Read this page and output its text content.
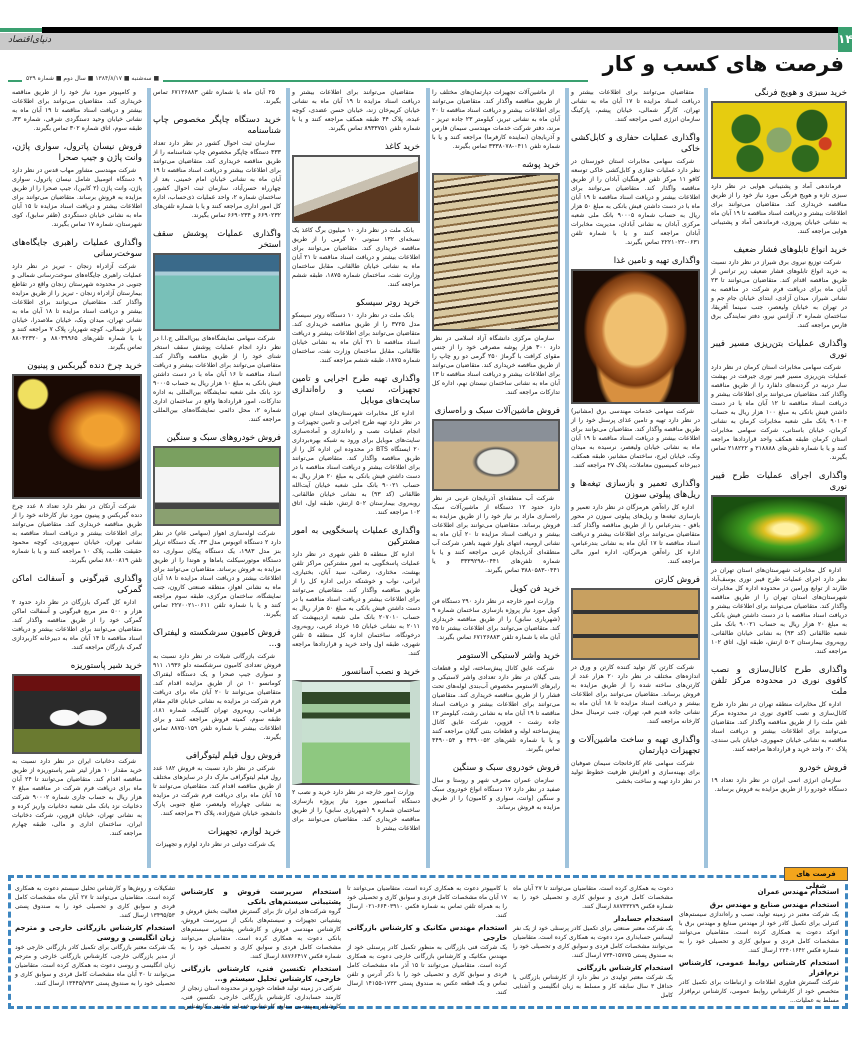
دنیای‌اقتصاد	۱۴
فرصت های کسب و کار
■ سه‌شنبه ■ ۱۳۸۴/۸/۱۷ ■ سال دوم ■ شماره ۵۳۹
خرید سبزی و هویج فرنگی

فرماندهی آماد و پشتیبانی هوایی در نظر دارد سبزی تازه و هویج فرنگی مورد نیاز خود را از طریق مناقصه خریداری کند. متقاضیان می‌توانند برای اطلاعات بیشتر و دریافت اسناد مناقصه تا ۱۹ آبان ماه به نشانی خیابان پیروزی، فرماندهی آماد و پشتیبانی هوایی مراجعه کنند.

خرید انواع تابلوهای فشار ضعیف

شرکت توزیع نیروی برق شیراز در نظر دارد نسبت به خرید انواع تابلوهای فشار ضعیف زیر ترانس از طریق مناقصه اقدام کند. متقاضیان می‌توانند تا ۲۳ آبان ماه برای دریافت فرم شرکت در مناقصه به نشانی شیراز، میدان آزادی، ابتدای خیابان جام جم و در تهران به خیابان ولیعصر، جنب سینما آفریقا، ساختمان شماره ۲، آژانس نیرو، دفتر نمایندگی برق فارس مراجعه کنند.

واگذاری عملیات بتن‌ریزی مسیر فیبر نوری

شرکت سهامی مخابرات استان کرمان در نظر دارد عملیات بتن‌ریزی مسیر فیبر نوری جیرفت در بهشت سار درنیه در گردنه‌های دلفارد را از طریق مناقصه واگذار کند. متقاضیان می‌توانند برای اطلاعات بیشتر و دریافت اسناد مناقصه تا ۱۲ آبان ماه با در دست داشتن فیش بانکی به مبلغ ۱۰۰ هزار ریال به حساب ۹۰۱۰۴ بانک ملی شعبه مخابرات کرمان به نشانی کرمان، خیابان باستانی، شرکت سهامی مخابرات استان کرمان طبقه همکف واحد قراردادها مراجعه کنند و یا با شماره تلفن‌های ۲۱۸۸۸۸ و ۲۱۸۲۲۲ تماس بگیرند.

واگذاری اجرای عملیات طرح فیبر نوری

اداره کل مخابرات شهرستان‌های استان تهران در نظر دارد اجرای عملیات طرح فیبر نوری یوسف‌آباد طارند از توابع ورامین در محدوده اداره کل مخابرات شهرستان‌های استان تهران را از طریق مناقصه واگذار کند. متقاضیان می‌توانند برای اطلاعات بیشتر و دریافت اسناد مناقصه با در دست داشتن فیش بانکی به مبلغ ۲۰ هزار ریال به حساب ۹۰۰۲۱ بانک ملی شعبه طالقانی (کد ۹۳) به نشانی خیابان طالقانی، روبه‌روی بیمارستان ۵۰۲ ارتش، طبقه اول، اتاق ۱۰۲ مراجعه کنند.

واگذاری طرح کانال‌سازی و نصب کافوی نوری در محدوده مرکز تلفن ملت

اداره کل مخابرات منطقه تهران در نظر دارد طرح کانال‌سازی و نصب کافوی نوری در محدوده مرکز تلفن ملت را از طریق مناقصه واگذار کند. متقاضیان می‌توانند برای اطلاعات بیشتر و دریافت اسناد مناقصه به نشانی خیابان جمهوری، خیابان بابی سندی، پلاک ۲۰، واحد خرید و قراردادها مراجعه کنند.

فروش خودرو

سازمان انرژی اتمی ایران در نظر دارد تعداد ۱۹ دستگاه خودرو را از طریق مزایده به فروش برساند.

متقاضیان می‌توانند برای اطلاعات بیشتر و دریافت اسناد مزایده تا ۱۷ آبان ماه به نشانی تهران، کارگر شمالی، خیابان پیشم، پارکینگ سازمان انرژی اتمی مراجعه کنند.

واگذاری عملیات حفاری و کابل‌کشی خاکی

شرکت سهامی مخابرات استان خوزستان در نظر دارد عملیات حفاری و کابل‌کشی خاکی توسعه کافو ۱۱ مرکز تلفن فرهنگیان آبادان را از طریق مناقصه واگذار کند. متقاضیان می‌توانند برای اطلاعات بیشتر و دریافت اسناد مناقصه تا ۱۹ آبان ماه با در دست داشتن فیش بانکی به مبلغ ۵۰ هزار ریال به حساب شماره ۹۰۰۰۵ بانک ملی شعبه مرکزی آبادان به نشانی آبادان، مدیریت مخابرات آبادان مراجعه کنند و یا با شماره تلفن ۰۶۳۱-۲۲۲۱۰۲۲ تماس بگیرند.

واگذاری تهیه و تامین غذا

شرکت سهامی خدمات مهندسی برق (مشانیر) در نظر دارد تهیه و تامین غذای پرسنل خود را از طریق مناقصه واگذار کند. متقاضیان می‌توانند برای اطلاعات بیشتر و دریافت اسناد مناقصه تا ۱۹ آبان ماه به نشانی خیابان ولیعصر، نرسیده به میدان ونک، خیابان ایرج، ساختمان مشانیر، طبقه همکف، دبیرخانه کمیسیون معاملات، پلاک ۲۷ مراجعه کنند.

واگذاری تعمیر و بازسازی تیغه‌ها و ریل‌های پیلوتی سوزن

اداره کل راه‌آهن هرمزگان در نظر دارد تعمیر و بازسازی تیغه‌ها و ریل‌های پیلوتی سوزن در محور بافق - بندرعباس را از طریق مناقصه واگذار کند. متقاضیان می‌توانند برای اطلاعات بیشتر و دریافت اسناد مناقصه تا ۱۷ آبان ماه به نشانی بندرعباس، اداره کل راه‌آهن هرمزگان، اداره امور مالی مراجعه کنند.

فروش کارتن

شرکت کارتن کار تولید کننده کارتن و ورق در اندازه‌های مختلف در نظر دارد ۲۰ هزار عدد از کارتن‌های ساخته شده را از طریق مزایده به فروش برساند. متقاضیان می‌توانند برای اطلاعات بیشتر و دریافت اسناد مزایده تا ۱۸ آبان ماه به نشانی جاده قدیم قم، تهران، جنب ترمینال محل کارخانه مراجعه کنند.

واگذاری تهیه و ساخت ماشین‌آلات و تجهیزات دپارتمان

شرکت سهامی عام کارخانجات سیمان صوفیان برای بهینه‌سازی و افزایش ظرفیت خطوط تولید در نظر دارد تهیه و ساخت بخشی

از ماشین‌آلات تجهیزات دپارتمان‌های مختلف را از طریق مناقصه واگذار کند. متقاضیان می‌توانند برای اطلاعات بیشتر و دریافت اسناد مناقصه تا ۲۰ آبان ماه به نشانی تبریز، کیلومتر ۲۳ جاده تبریز - مرند، دفتر شرکت خدمات مهندسی سیمان فارس و آذربایجان (نماینده کارفرما) مراجعه کنند و یا با شماره تلفن ۰۴۱۱-۳۳۳۸۰۷۸ تماس بگیرند.

خرید پوشه

سازمان مرکزی دانشگاه آزاد اسلامی در نظر دارد ۳۰۰ هزار پوشه مصرفی خود را از جنس مقوای کرافت با گرماژ ۲۵۰ گرمی دو رو چاپ را از طریق مناقصه خریداری کند. متقاضیان می‌توانند برای اطلاعات بیشتر و دریافت اسناد مناقصه تا ۱۳ آبان ماه به نشانی ساختمان نیستان نهم، اداره کل تدارکات مراجعه کنند.

فروش ماشین‌آلات سبک و راه‌سازی

شرکت آب منطقه‌ای آذربایجان غربی در نظر دارد حدود ۱۲ دستگاه از ماشین‌آلات سبک راه‌سازی مازاد بر نیاز خود را از طریق مزایده به فروش برساند. متقاضیان می‌توانند برای اطلاعات بیشتر و دریافت اسناد مزایده تا ۲۰ آبان ماه به نشانی ارومیه، انتهای بلوار شهید باهنر، شرکت آب منطقه‌ای آذربایجان غربی مراجعه کنند و یا با شماره تلفن‌های ۰۴۴۱-۳۳۳۹۲۹۸ و یا ۰۴۴۱-۳۸۸۰۵۸۳ تماس بگیرند.

خرید فن کویل

وزارت امور خارجه در نظر دارد ۲۹۰ دستگاه فن کویل مورد نیاز پروژه بازسازی ساختمان شماره ۹ (شهریاری سابق) را از طریق مناقصه خریداری کند. متقاضیان می‌توانند برای اطلاعات بیشتر تا ۲۵ آبان ماه با شماره تلفن ۶۷۱۲۶۸۸۳ تماس بگیرند.

خرید واشر لاستیکی الاستومر

شرکت عایق کانال پیش‌ساخته، لوله و قطعات بتنی گیلان در نظر دارد تعدادی واشر لاستیکی و رابرهای الاستومر مخصوص آب‌بندی لوله‌های تحت فشار را از طریق مناقصه خریداری کند. متقاضیان می‌توانند برای اطلاعات بیشتر و دریافت اسناد مناقصه تا ۱۹ آبان ماه به نشانی رشت، کیلومتر ۱۲ جاده رشت - قزوین، شرکت عایق کانال پیش‌ساخته لوله و قطعات بتنی گیلان مراجعه کنند و یا با شماره تلفن‌های ۴۴۹۰۰۵۲ و ۴۴۹۰۰۵۴ تماس بگیرند.

فروش خودروی سبک و سنگین

سازمان عمران مصرف شهر و روستا و سال صفید در نظر دارد ۱۷ دستگاه انواع خودروی سبک و سنگین (وانت، سواری و کامیون) را از طریق مزایده به فروش برساند.

متقاضیان می‌توانند برای اطلاعات بیشتر و دریافت اسناد مزایده تا ۱۹ آبان ماه به نشانی خیابان کریم‌خان زند، خیابان حسن عضدی، کوچه عبده، پلاک ۴۴ طبقه همکف مراجعه کنند و یا با شماره تلفن ۸۹۳۳۷۵۱ تماس بگیرند.

خرید کاغذ

بانک ملت در نظر دارد ۱۰ میلیون برگ کاغذ یک نسخه‌ای ۱۳۲ ستونی ۷۰ گرمی را از طریق مناقصه خریداری کند. متقاضیان می‌توانند برای اطلاعات بیشتر و دریافت اسناد مناقصه تا ۲۱ آبان ماه به نشانی خیابان طالقانی، مقابل ساختمان وزارت نفت، ساختمان شماره ۱۸۷۵، طبقه ششم مراجعه کنند.

خرید روتر سیسکو

بانک ملت در نظر دارد ۱۰ دستگاه روتر سیسکو مدل ۳۷۲۵ را از طریق مناقصه خریداری کند. متقاضیان می‌توانند برای اطلاعات بیشتر و دریافت اسناد مناقصه تا ۲۱ آبان ماه به نشانی خیابان طالقانی، مقابل ساختمان وزارت نفت، ساختمان شماره ۱۸۷۵، طبقه ششم مراجعه کنند.

واگذاری تهیه طرح اجرایی و تامین تجهیزات، نصب و راه‌اندازی سایت‌های موبایل

اداره کل مخابرات شهرستان‌های استان تهران در نظر دارد تهیه طرح اجرایی و تامین تجهیزات و انجام عملیات نصب و راه‌اندازی و آماده‌سازی سایت‌های موبایل برای ورود به شبکه بهره‌برداری ۲۰ ایستگاه BTS در محدوده این اداره کل را از طریق مناقصه واگذار کند. متقاضیان می‌توانند برای اطلاعات بیشتر و دریافت اسناد مناقصه با در دست داشتن فیش بانکی به مبلغ ۲۰ هزار ریال به حساب ۹۰۰۲۱ بانک ملی شعبه خیابان آیت‌الله طالقانی (کد ۹۳) به نشانی خیابان طالقانی، روبه‌روی بیمارستان ۵۰۲ ارتش، طبقه اول، اتاق ۱۰۲ مراجعه کنند.

واگذاری عملیات پاسخگویی به امور مشترکین

اداره کل منطقه ۵ تلفن شهری در نظر دارد عملیات پاسخگویی به امور مشترکین مراکز تلفن بهشت، مختاری، رضائی، سید آبان، بختیاری، ایرانی، نواب و خوشتکه درایی اداره کل را از طریق مناقصه واگذار کند. متقاضیان می‌توانند برای اطلاعات بیشتر و دریافت اسناد مناقصه با در دست داشتن فیش بانکی به مبلغ ۵۰ هزار ریال به حساب ۲۰۷۰۱۰ بانک ملی شعبه اردیبهشت کد ۲۰۱۱ به نشانی خیابان ۱۵ خرداد غربی، روبه‌روی درخونگاه، ساختمان اداره کل منطقه ۵ تلفن شهری، طبقه اول واحد خرید و قراردادها مراجعه کنند.

خرید و نصب آسانسور

وزارت امور خارجه در نظر دارد خرید و نصب ۲ دستگاه آسانسور مورد نیاز پروژه بازسازی ساختمان شماره ۹ (شهریاری سابق) را از طریق مناقصه خریداری کند. متقاضیان می‌توانند برای اطلاعات بیشتر تا

۲۵ آبان ماه با شماره تلفن ۶۷۱۲۶۸۸۳ تماس بگیرند.

خرید دستگاه چاپگر مخصوص چاپ شناسنامه

سازمان ثبت احوال کشور در نظر دارد تعداد ۳۳۳ دستگاه چاپگر مخصوص چاپ شناسنامه را از طریق مناقصه خریداری کند. متقاضیان می‌توانند برای اطلاعات بیشتر و دریافت اسناد مناقصه تا ۱۹ آبان ماه به نشانی خیابان امام خمینی، بعد از چهارراه حسن‌آباد، سازمان ثبت احوال کشور، ساختمان شماره ۲، واحد عملیات ذی‌حساب، اداره کل امور اداری مراجعه کنند و یا با شماره تلفن‌های ۶۶۹۰۲۳۲ و ۶۶۹۰۲۳۴ تماس بگیرند.

واگذاری عملیات پوشش سقف استخر

شرکت سهامی نمایشگاه‌های بین‌المللی ج.ا.ا در نظر دارد انجام عملیات پوشش سقف استخر شنای خود را از طریق مناقصه واگذار کند. متقاضیان می‌توانند برای اطلاعات بیشتر و دریافت اسناد مناقصه تا ۱۶ آبان ماه با در دست داشتن فیش بانکی به مبلغ ۱۰ هزار ریال به حساب ۹۰۰۰۵ نزد بانک ملی شعبه نمایشگاه بین‌المللی به اداره تدارکات، امور قراردادها واقع در ساختمان اداری شماره ۲، محل دائمی نمایشگاه‌های بین‌المللی مراجعه کنند.

فروش خودروهای سبک و سنگین

شرکت لوله‌سازی اهواز (سهامی عام) در نظر دارد ۲ دستگاه اتوبوس مدل ۴۳، یک دستگاه تریلر بنز مدل ۱۹۸۳، یک دستگاه پیکان سواری، ده دستگاه موتورسیکلت یاماها و هوندا را از طریق مزایده به فروش برساند. متقاضیان می‌توانند برای اطلاعات بیشتر و دریافت اسناد مزایده تا ۱۸ آبان ماه به نشانی اهواز، منطقه صنعتی کارون، جنب نمایشگاه، ساختمان مرکزی، طبقه سوم مراجعه کنند و یا با شماره تلفن ۰۶۱۱-۲۲۷۰۰۲۱ تماس بگیرند.

فروش کامیون سرشکسته و لیفتراک و...

شرکت بازرگانی شیلات در نظر دارد نسبت به فروش تعدادی کامیون سرشکسته دلو ۱۹۳۶، ۹۱۱ و سواری جیپ صحرا و یک دستگاه لیفتراک کوماتسو ۱۰ تن از طریق مزایده اقدام کند. متقاضیان می‌توانند تا ۲۰ آبان ماه برای دریافت فرم شرکت در مزایده به نشانی خیابان قائم مقام فراهانی، روبه‌روی تهران کلینیک، شماره ۱۸۱، طبقه سوم، کمیته فروش مراجعه کنند و برای اطلاعات بیشتر با شماره تلفن ۸۸۷۵۰۱۵۹ تماس بگیرند.

فروش رول فیلم لیتوگرافی

شرکتی در نظر دارد نسبت به فروش ۱۸۲ عدد رول فیلم لیتوگرافی مارک دار در سایزهای مختلف از طریق مناقصه اقدام کند. متقاضیان می‌توانند تا ۱۵ آبان ماه برای دریافت فرم شرکت در مزایده به نشانی چهارراه ولیعصر، ضلع جنوبی پارک دانشجو، خیابان شیخ‌زاده، پلاک ۳۱ مراجعه کنند.

خرید لوازم، تجهیزات

یک شرکت دولتی در نظر دارد لوازم و تجهیزات

و کامپیوتر مورد نیاز خود را از طریق مناقصه خریداری کند. متقاضیان می‌توانند برای اطلاعات بیشتر و دریافت اسناد مناقصه تا ۱۹ آبان ماه به نشانی خیابان وحید دستگردی شرقی، شماره ۳۳، طبقه سوم، اتاق شماره ۳۰۲ تماس بگیرند.

فروش نیسان پاترول، سواری پاژن، وانت پاژن و جیپ صحرا

شرکت مهندسی مشاور مهاب قدس در نظر دارد ۹ دستگاه اتومبیل شامل نیسان پاترول، سواری پاژن، وانت پاژن (۲ کابین)، جیپ صحرا را از طریق مزایده به فروش برساند. متقاضیان می‌توانند برای اطلاعات بیشتر و دریافت اسناد مزایده تا ۱۵ آبان ماه به نشانی خیابان دستگردی (ظفر سابق)، کوی شهرستان، شماره ۱۷ تماس بگیرند.

واگذاری عملیات راهبری جایگاه‌های سوخت‌رسانی

شرکت آزادراه زنجان - تبریز در نظر دارد عملیات راهبری جایگاه‌های سوخت‌رسانی شمالی و جنوبی در محدوده شهرستان زنجان واقع در تقاطع بیمارستان آزادراه زنجان - تبریز را از طریق مزایده واگذار کند. متقاضیان می‌توانند برای اطلاعات بیشتر و دریافت اسناد مزایده تا ۱۸ آبان ماه به نشانی تهران، میدان ونک، خیابان ملاصدرا، خیابان شیراز شمالی، کوچه شهریار، پلاک ۷ مراجعه کنند و یا با شماره تلفن‌های ۸۸۰۳۹۹۶۵ و ۸۸۰۴۲۳۲۰ تماس بگیرند.

خرید چرخ دنده گیربکس و پینیون

شرکت آرتکان در نظر دارد تعداد ۸ عدد چرخ دنده گیربکس و پینیون مورد نیاز کارخانه خود را از طریق مناقصه خریداری کند. متقاضیان می‌توانند برای اطلاعات بیشتر و دریافت اسناد مناقصه به نشانی تهران، خیابان سهروردی، کوچه محمود حقیقت طلب، پلاک ۱۰ مراجعه کنند و یا با شماره تلفن ۸۸۰۰۸۱۹ تماس بگیرند.

واگذاری قیرگونی و آسفالت اماکن گمرکی

اداره کل گمرک بازرگان در نظر دارد حدود ۲ هزار و ۵۰۰ متر مربع قیرگونی و آسفالت اماکن گمرکی خود را از طریق مناقصه واگذار کند. متقاضیان می‌توانند برای اطلاعات بیشتر و دریافت اسناد مناقصه تا ۱۴ آبان ماه به دبیرخانه کاربردازی گمرک بازرگان مراجعه کنند.

خرید شیر پاستوریزه

شرکت دخانیات ایران در نظر دارد نسبت به خرید مقدار ۱۰ هزار لیتر شیر پاستوریزه از طریق مناقصه اقدام کند. متقاضیان می‌توانند تا ۲۴ آبان ماه برای دریافت فرم شرکت در مناقصه مبلغ ۲ هزار ریال به حساب جاری شماره ۹۰۰۰۲ شرکت دخانیات نزد بانک ملی شعبه دخانیات واریز کرده و به نشانی تهران، خیابان قزوین، شرکت دخانیات ایران، ساختمان اداری و مالی، طبقه چهارم مراجعه کنند.

فرصت های شغلی
استخدام مهندس عمران
استخدام مهندس صنایع و مهندس برق

یک شرکت معتبر در زمینه تولید، نصب و راه‌اندازی سیستم‌های کنترلی برای تکمیل کادر خود از مهندس صنایع و مهندس برق با اتوکد دعوت به همکاری کرده است. متقاضیان می‌توانند مشخصات کامل فردی و سوابق کاری و تحصیلی خود را به شماره فکس ۲۲۴۰۱۶۴۲ ارسال کنند.

استخدام کارشناس روابط عمومی، کارشناس نرم‌افزار

شرکت گسترش فناوری اطلاعات و ارتباطات برای تکمیل کادر متخصص خود از کارشناس روابط عمومی، کارشناس نرم‌افزار مسلط به عملیات...

دعوت به همکاری کرده است. متقاضیان می‌توانند تا ۲۷ آبان ماه مشخصات کامل فردی و سوابق کاری و تحصیلی خود را به شماره فکس ۸۸۷۳۳۲۷۹ ارسال کنند.

استخدام حسابدار

یک شرکت معتبر صنعتی برای تکمیل کادر پرسنلی خود از یک نفر لیسانس حسابداری مرد دعوت به همکاری کرده است. متقاضیان می‌توانند مشخصات کامل فردی و سوابق کاری و تحصیلی خود را به صندوق پستی ۱۵۷۷۵-۷۳۴ ارسال کنند.

استخدام کارشناس بازرگانی

یک شرکت معتبر تولیدی در نظر دارد از کارشناس بازرگانی با حداقل ۳ سال سابقه کار و مسلط به زبان انگلیسی و آشنایی کامل

با کامپیوتر دعوت به همکاری کرده است. متقاضیان می‌توانند تا ۱۷ آبان ماه مشخصات کامل فردی و سوابق کاری و تحصیلی خود را به همراه تلفن تماس به شماره فکس ۶۶۴۰۳۹۱۰-۰۲۱ ارسال کنند.

استخدام مهندس مکانیک و کارشناس بازرگانی خارجی

یک شرکت فنی بازرگانی به منظور تکمیل کادر پرسنلی خود از مهندس مکانیک و کارشناس بازرگانی خارجی دعوت به همکاری کرده است. متقاضیان می‌توانند تا ۱۵ آذر ماه مشخصات کامل فردی و سوابق کاری و تحصیلی خود را با ذکر آدرس و تلفن تماس و یک قطعه عکس به صندوق پستی ۱۷۳۳-۱۴۱۵۵ ارسال کنند.

استخدام سرپرست فروش و کارشناس پشتیبانی سیستم‌های بانکی

گروه شرکت‌های ایران تاژ برای گسترش فعالیت بخش فروش و پشتیبانی تجهیزات و سیستم‌های بانکی از سرپرست فروش، کارشناس مهندسی فروش و کارشناس پشتیبانی سیستم‌های بانکی دعوت به همکاری کرده است. متقاضیان می‌توانند مشخصات کامل فردی و سوابق کاری و تحصیلی خود را به شماره فکس ۸۸۷۶۶۴۱۷ ارسال کنند.

استخدام تکنسین فنی، کارشناس بازرگانی خارجی، کارشناس تحلیل سیستم و...

شرکتی در زمینه تولید قطعات خودرو در محدوده استان زنجان از کارمند حسابداری، کارشناس بازرگانی خارجی، تکنسین فنی، کارشناس مهندسی صنایع، کارشناس خدمات ماشینی، کارشناس

تشکیلات و روش‌ها و کارشناس تحلیل سیستم دعوت به همکاری کرده است. متقاضیان می‌توانند تا ۲۷ آبان ماه مشخصات کامل فردی و سوابق کاری و تحصیلی خود را به صندوق پستی ۱۳۴۹۵/۵۳ ارسال کنند.

استخدام کارشناس بازرگانی خارجی و مترجم زبان انگلیسی و روسی

یک شرکت معتبر بازرگانی برای تکمیل کادر بازرگانی خارجی خود از مدیر بازرگانی خارجی، کارشناس بازرگانی خارجی و مترجم زبان انگلیسی و روسی دعوت به همکاری کرده است. متقاضیان می‌توانند تا ۳۰ آبان ماه مشخصات کامل فردی و سوابق کاری و تحصیلی خود را به صندوق پستی ۱۳۴۴۵/۷۹۳ ارسال کنند.
